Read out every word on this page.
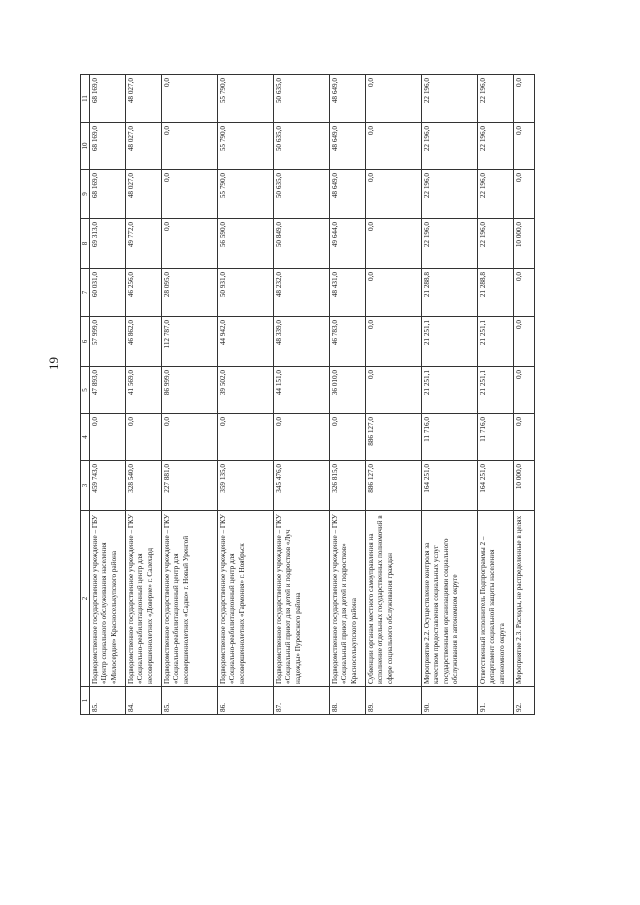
19
1	2	3	4	5	6	7	8	9	10	11
85.	Подведомственное государственное учреждение – ГБУ «Центр социального обслуживания населения «Милосердие» Красноселькупского района	459 743,0	0,0	47 893,0	57 999,0	60 031,0	69 313,0	68 169,0	68 169,0	68 169,0
84.	Подведомственное государственное учреждение – ГКУ «Социально-реабилитационный центр для несовершеннолетних «Доверие» г. Салехард	328 540,0	0,0	41 569,0	46 862,0	46 256,0	49 772,0	48 027,0	48 027,0	48 027,0
85.	Подведомственное государственное учреждение – ГКУ «Социально-реабилитационный центр для несовершеннолетних «Садко» г. Новый Уренгой	227 881,0	0,0	86 999,0	112 787,0	28 095,0	0,0	0,0	0,0	0,0
86.	Подведомственное государственное учреждение – ГКУ «Социально-реабилитационный центр для несовершеннолетних «Гармония» г. Ноябрьск	359 135,0	0,0	39 502,0	44 942,0	50 931,0	56 590,0	55 790,0	55 790,0	55 790,0
87.	Подведомственное государственное учреждение – ГКУ «Социальный приют для детей и подростков «Луч надежды» Пуровского района	345 476,0	0,0	44 151,0	48 339,0	48 232,0	50 849,0	50 635,0	50 635,0	50 635,0
88.	Подведомственное государственное учреждение – ГКУ «Социальный приют для детей и подростков» Красноселькупского района	326 815,0	0,0	36 010,0	46 783,0	48 431,0	49 644,0	48 649,0	48 649,0	48 649,0
89.	Субвенции органам местного самоуправления на исполнение отдельных государственных полномочий в сфере социального обслуживания граждан	886 127,0	886 127,0	0,0	0,0	0,0	0,0	0,0	0,0	0,0
90.	Мероприятие 2.2. Осуществление контроля за качеством предоставления социальных услуг государственными организациями социального обслуживания в автономном округе	164 251,0	11 716,0	21 251,1	21 251,1	21 288,8	22 196,0	22 196,0	22 196,0	22 196,0
91.	Ответственный исполнитель Подпрограммы 2 – департамент социальной защиты населения автономного округа	164 251,0	11 716,0	21 251,1	21 251,1	21 288,8	22 196,0	22 196,0	22 196,0	22 196,0
92.	Мероприятие 2.3. Расходы, не распределенные в целях	10 000,0	0,0	0,0	0,0	0,0	10 000,0	0,0	0,0	0,0
